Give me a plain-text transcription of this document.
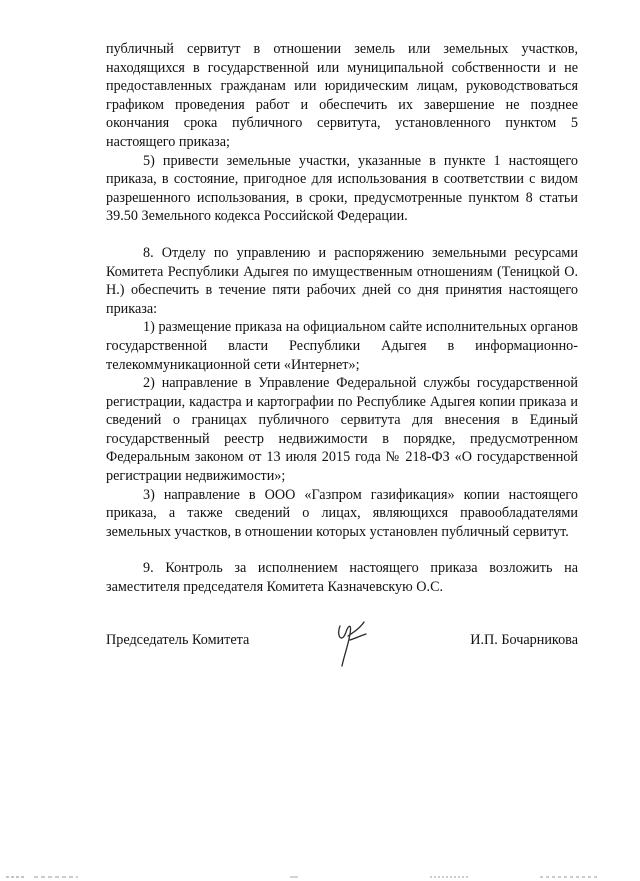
публичный сервитут в отношении земель или земельных участков, находящихся в государственной или муниципальной собственности и не предоставленных гражданам или юридическим лицам, руководствоваться графиком проведения работ и обеспечить их завершение не позднее окончания срока публичного сервитута, установленного пунктом 5 настоящего приказа;

5) привести земельные участки, указанные в пункте 1 настоящего приказа, в состояние, пригодное для использования в соответствии с видом разрешенного использования, в сроки, предусмотренные пунктом 8 статьи 39.50 Земельного кодекса Российской Федерации.

8. Отделу по управлению и распоряжению земельными ресурсами Комитета Республики Адыгея по имущественным отношениям (Теницкой О. Н.) обеспечить в течение пяти рабочих дней со дня принятия настоящего приказа:

1) размещение приказа на официальном сайте исполнительных органов государственной власти Республики Адыгея в информационно-телекоммуникационной сети «Интернет»;

2) направление в Управление Федеральной службы государственной регистрации, кадастра и картографии по Республике Адыгея копии приказа и сведений о границах публичного сервитута для внесения в Единый государственный реестр недвижимости в порядке, предусмотренном Федеральным законом от 13 июля 2015 года № 218-ФЗ «О государственной регистрации недвижимости»;

3) направление в ООО «Газпром газификация» копии настоящего приказа, а также сведений о лицах, являющихся правообладателями земельных участков, в отношении которых установлен публичный сервитут.

9. Контроль за исполнением настоящего приказа возложить на заместителя председателя Комитета Казначевскую О.С.

Председатель Комитета	И.П. Бочарникова
